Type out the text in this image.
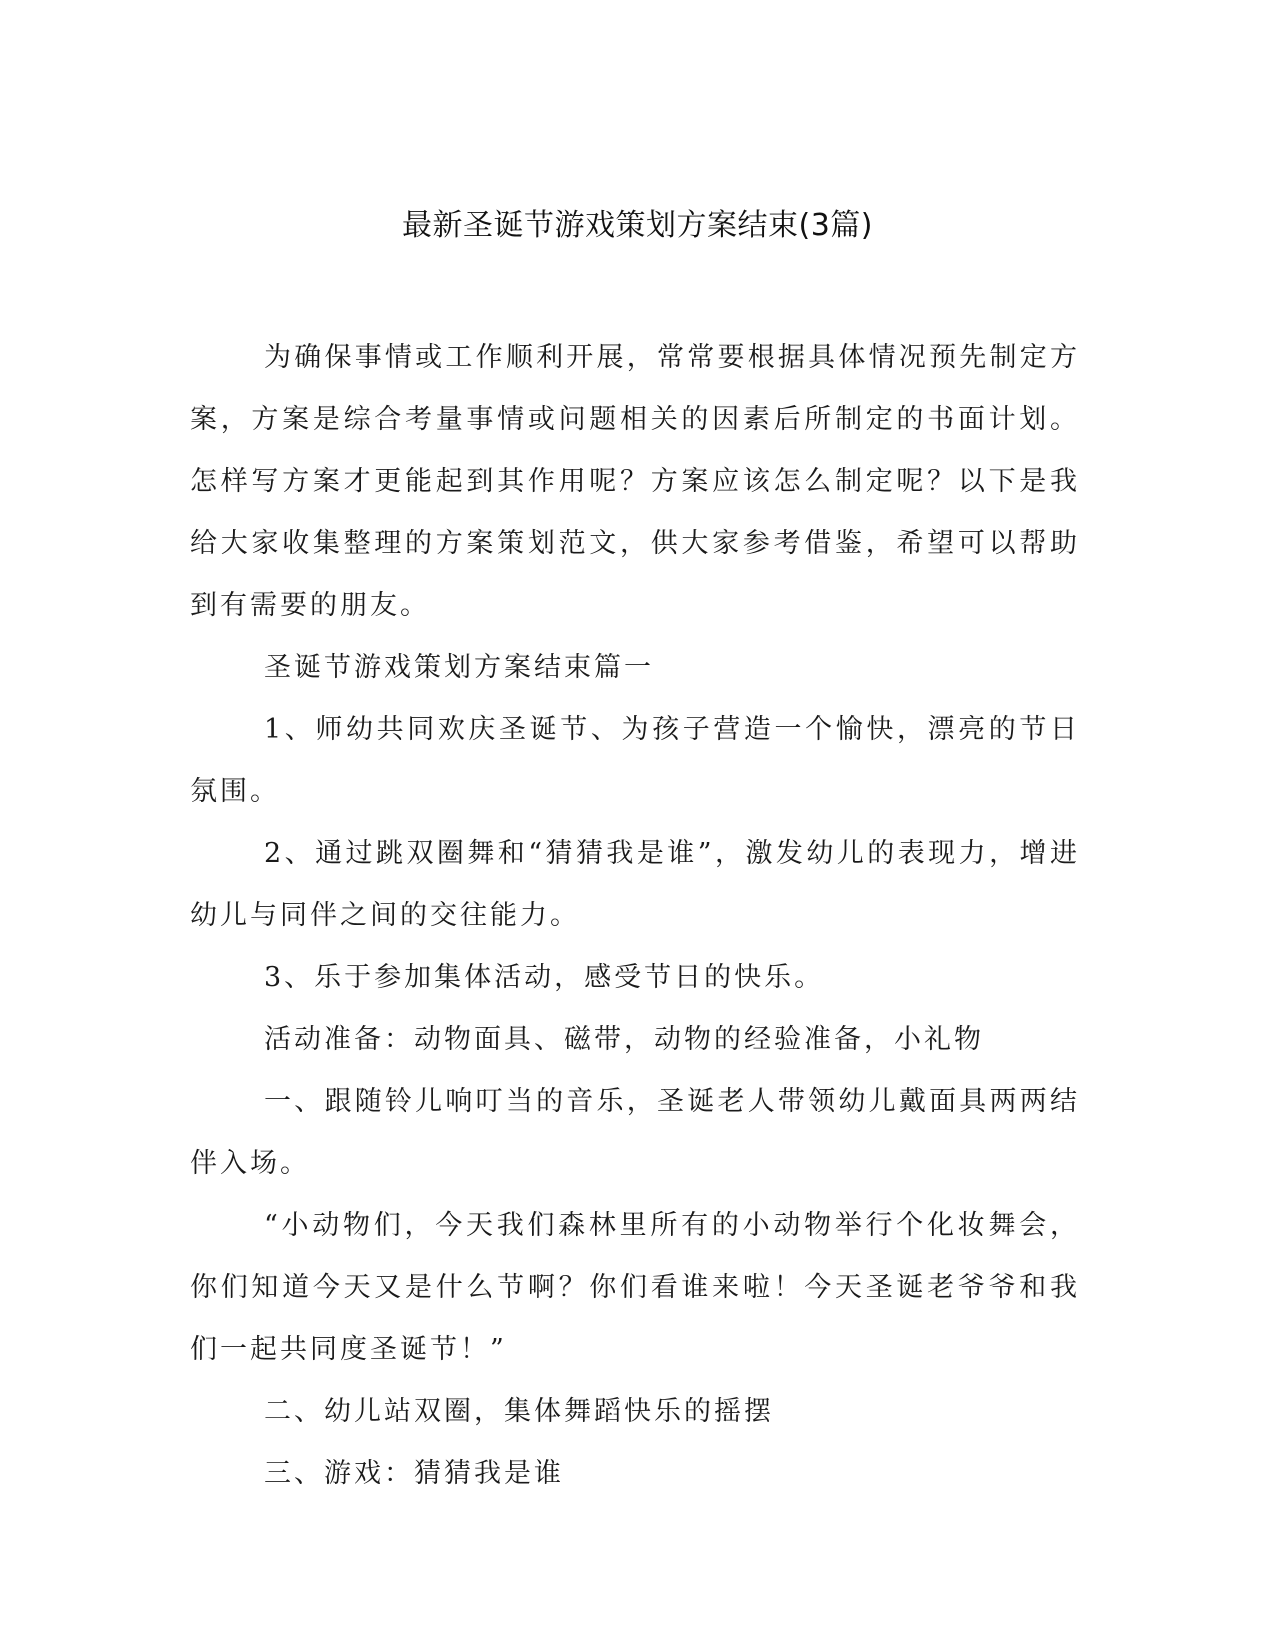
最新圣诞节游戏策划方案结束(3篇)

为确保事情或工作顺利开展，常常要根据具体情况预先制定方案，方案是综合考量事情或问题相关的因素后所制定的书面计划。怎样写方案才更能起到其作用呢？方案应该怎么制定呢？以下是我给大家收集整理的方案策划范文，供大家参考借鉴，希望可以帮助到有需要的朋友。

圣诞节游戏策划方案结束篇一

1、师幼共同欢庆圣诞节、为孩子营造一个愉快，漂亮的节日氛围。

2、通过跳双圈舞和“猜猜我是谁”，激发幼儿的表现力，增进幼儿与同伴之间的交往能力。

3、乐于参加集体活动，感受节日的快乐。

活动准备：动物面具、磁带，动物的经验准备，小礼物

一、跟随铃儿响叮当的音乐，圣诞老人带领幼儿戴面具两两结伴入场。

“小动物们，今天我们森林里所有的小动物举行个化妆舞会，你们知道今天又是什么节啊？你们看谁来啦！今天圣诞老爷爷和我们一起共同度圣诞节！”

二、幼儿站双圈，集体舞蹈快乐的摇摆

三、游戏：猜猜我是谁
